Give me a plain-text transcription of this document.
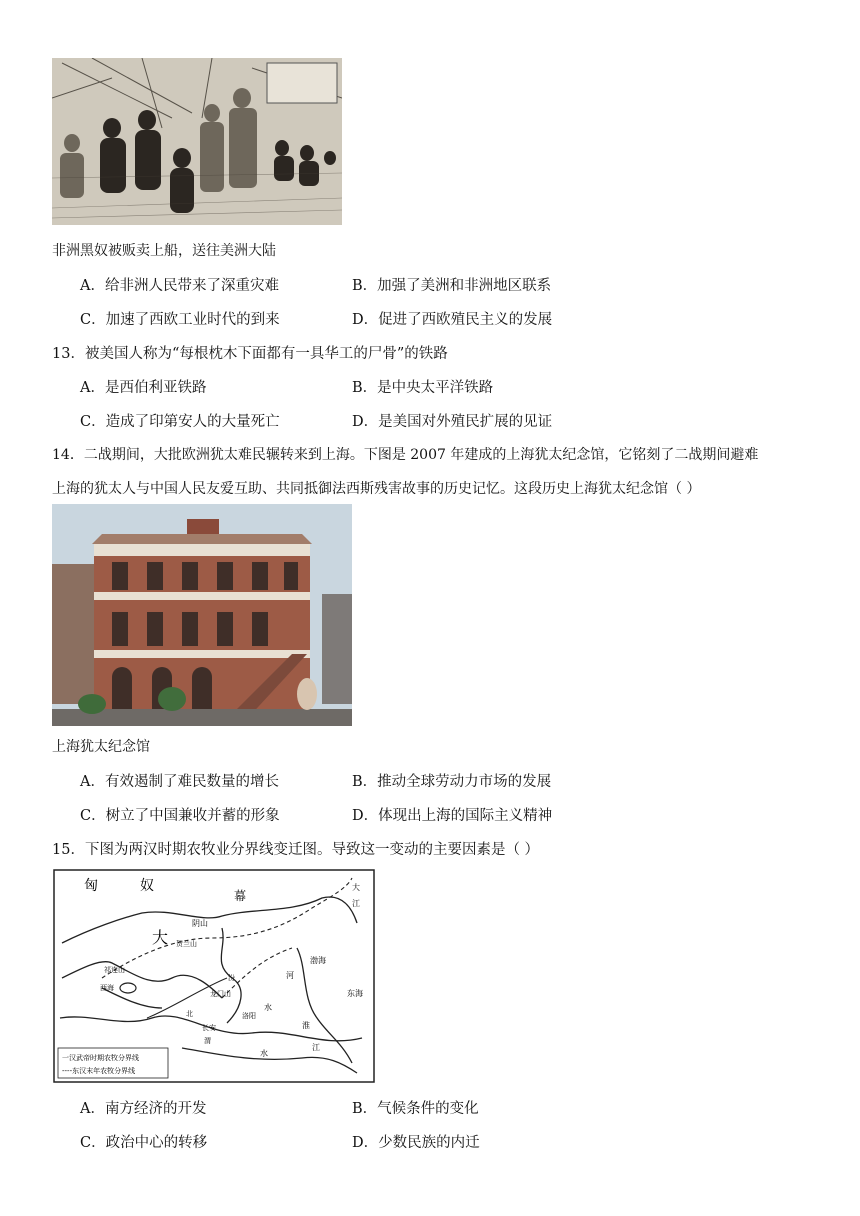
非洲黑奴被贩卖上船，送往美洲大陆
A．给非洲人民带来了深重灾难	B．加强了美洲和非洲地区联系
C．加速了西欧工业时代的到来	D．促进了西欧殖民主义的发展
13．被美国人称为“每根枕木下面都有一具华工的尸骨”的铁路
A．是西伯利亚铁路	B．是中央太平洋铁路
C．造成了印第安人的大量死亡	D．是美国对外殖民扩展的见证
14．二战期间，大批欧洲犹太难民辗转来到上海。下图是 2007 年建成的上海犹太纪念馆，它铭刻了二战期间避难
上海的犹太人与中国人民友爱互助、共同抵御法西斯残害故事的历史记忆。这段历史上海犹太纪念馆（ ）
上海犹太纪念馆
A．有效遏制了难民数量的增长	B．推动全球劳动力市场的发展
C．树立了中国兼收并蓄的形象	D．体现出上海的国际主义精神
15．下图为两汉时期农牧业分界线变迁图。导致这一变动的主要因素是（ ）
匈	奴
幕
大
阴山
贺兰山
祁连山
西海
汾
龙门山
北	洛阳
长安
渭
渤海
东海
淮
江
水
水
河
大
江
一汉武帝时期农牧分界线
----东汉末年农牧分界线
A．南方经济的开发	B．气候条件的变化
C．政治中心的转移	D．少数民族的内迁
